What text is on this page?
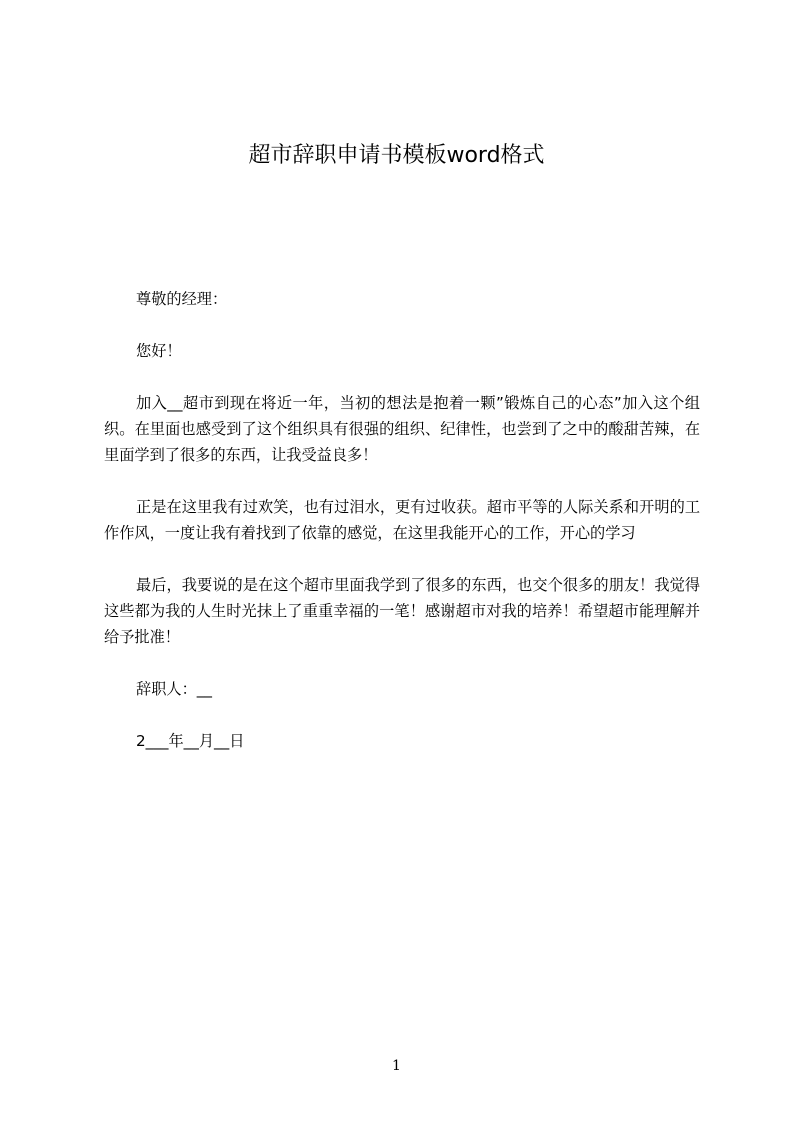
超市辞职申请书模板word格式

尊敬的经理：

您好！

加入__超市到现在将近一年，当初的想法是抱着一颗”锻炼自己的心态”加入这个组织。在里面也感受到了这个组织具有很强的组织、纪律性，也尝到了之中的酸甜苦辣，在里面学到了很多的东西，让我受益良多！

正是在这里我有过欢笑，也有过泪水，更有过收获。超市平等的人际关系和开明的工作作风，一度让我有着找到了依靠的感觉，在这里我能开心的工作，开心的学习

最后，我要说的是在这个超市里面我学到了很多的东西，也交个很多的朋友！我觉得这些都为我的人生时光抹上了重重幸福的一笔！感谢超市对我的培养！希望超市能理解并给予批准！

辞职人：__

2___年__月__日

1
